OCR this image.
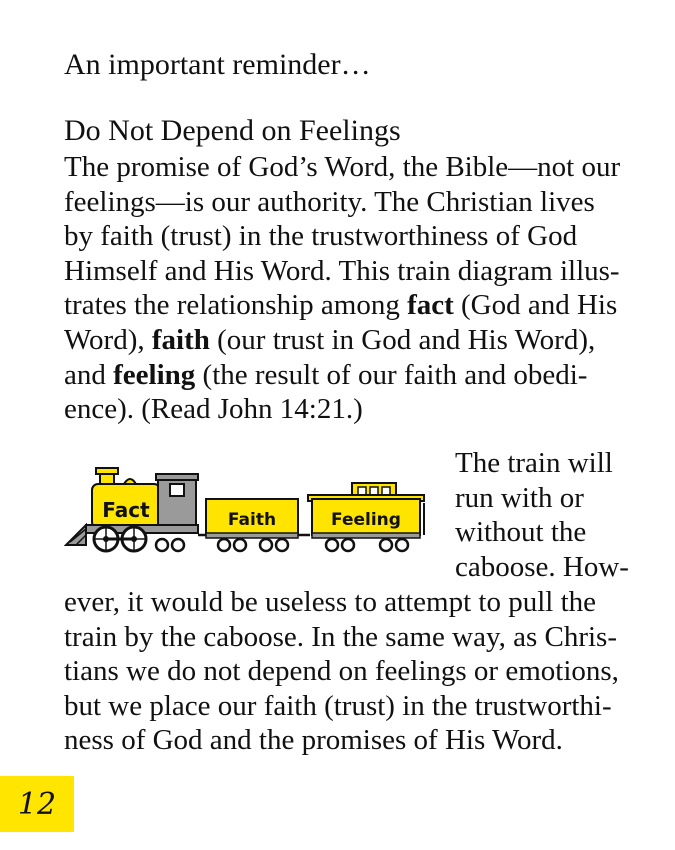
An important reminder…

Do Not Depend on Feelings

The promise of God’s Word, the Bible—not our
feelings—is our authority. The Christian lives
by faith (trust) in the trustworthiness of God
Himself and His Word. This train diagram illus-
trates the relationship among fact (God and His
Word), faith (our trust in God and His Word),
and feeling (the result of our faith and obedi-
ence). (Read John 14:21.)

Fact	Faith	Feeling

The train will
run with or
without the
caboose. How-

ever, it would be useless to attempt to pull the
train by the caboose. In the same way, as Chris-
tians we do not depend on feelings or emotions,
but we place our faith (trust) in the trustworthi-
ness of God and the promises of His Word.

12
